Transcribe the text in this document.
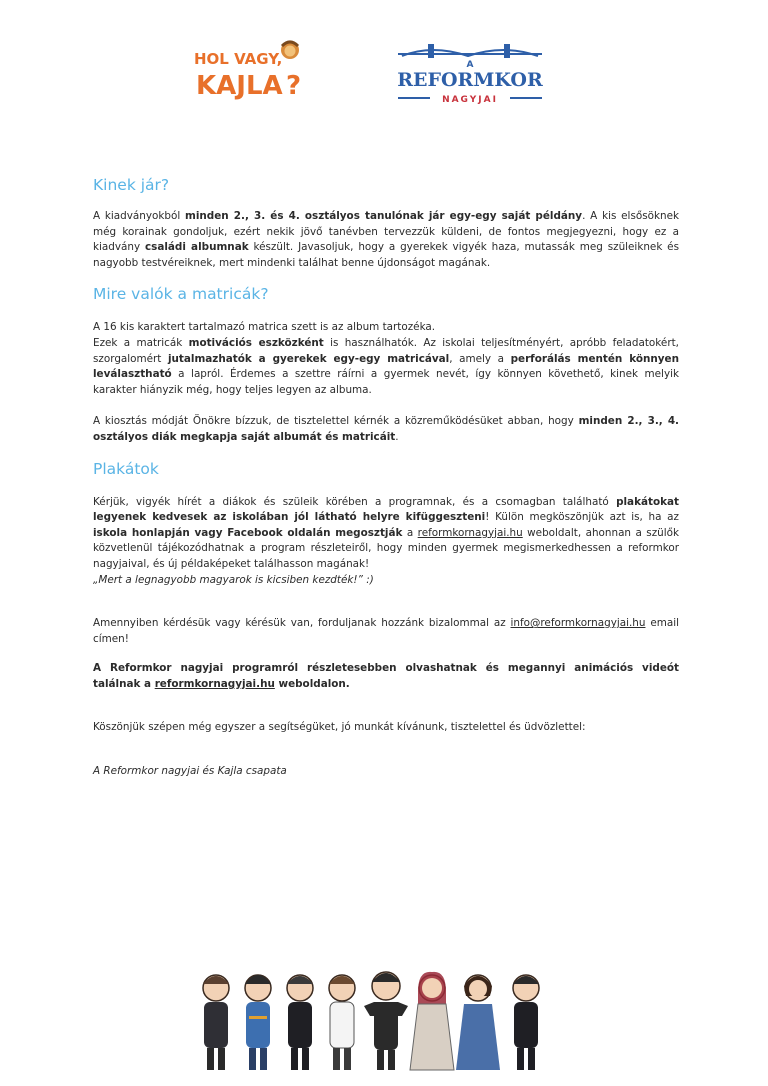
HOL VAGY,
KAJLA ?
A
REFORMKOR
NAGYJAI
Kinek jár?

A kiadványokból minden 2., 3. és 4. osztályos tanulónak jár egy-egy saját példány. A kis elsősöknek még korainak gondoljuk, ezért nekik jövő tanévben tervezzük küldeni, de fontos megjegyezni, hogy ez a kiadvány családi albumnak készült. Javasoljuk, hogy a gyerekek vigyék haza, mutassák meg szüleiknek és nagyobb testvéreiknek, mert mindenki találhat benne újdonságot magának.

Mire valók a matricák?

A 16 kis karaktert tartalmazó matrica szett is az album tartozéka.
Ezek a matricák motivációs eszközként is használhatók. Az iskolai teljesítményért, apróbb feladatokért, szorgalomért jutalmazhatók a gyerekek egy-egy matricával, amely a perforálás mentén könnyen leválasztható a lapról. Érdemes a szettre ráírni a gyermek nevét, így könnyen követhető, kinek melyik karakter hiányzik még, hogy teljes legyen az albuma.

A kiosztás módját Önökre bízzuk, de tisztelettel kérnék a közreműködésüket abban, hogy minden 2., 3., 4. osztályos diák megkapja saját albumát és matricáit.

Plakátok

Kérjük, vigyék hírét a diákok és szüleik körében a programnak, és a csomagban található plakátokat legyenek kedvesek az iskolában jól látható helyre kifüggeszteni! Külön megköszönjük azt is, ha az iskola honlapján vagy Facebook oldalán megosztják a reformkornagyjai.hu weboldalt, ahonnan a szülők közvetlenül tájékozódhatnak a program részleteiről, hogy minden gyermek megismerkedhessen a reformkor nagyjaival, és új példaképeket találhasson magának!
„Mert a legnagyobb magyarok is kicsiben kezdték!” :)

Amennyiben kérdésük vagy kérésük van, forduljanak hozzánk bizalommal az info@reformkornagyjai.hu email címen!

A Reformkor nagyjai programról részletesebben olvashatnak és megannyi animációs videót találnak a reformkornagyjai.hu weboldalon.

Köszönjük szépen még egyszer a segítségüket, jó munkát kívánunk, tisztelettel és üdvözlettel:

A Reformkor nagyjai és Kajla csapata
